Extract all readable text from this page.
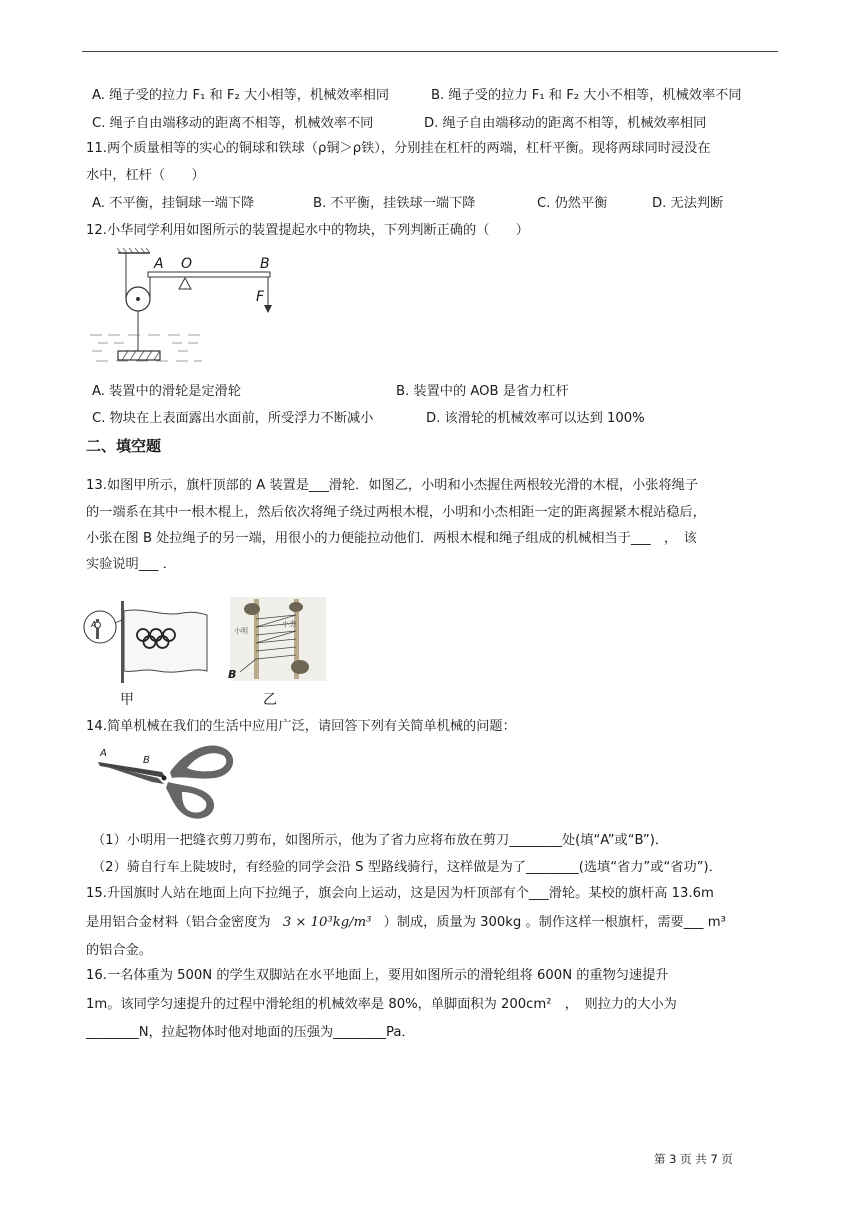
A. 绳子受的拉力 F₁ 和 F₂ 大小相等，机械效率相同	B. 绳子受的拉力 F₁ 和 F₂ 大小不相等，机械效率不同
C. 绳子自由端移动的距离不相等，机械效率不同	D. 绳子自由端移动的距离不相等，机械效率相同
11.两个质量相等的实心的铜球和铁球（ρ铜＞ρ铁），分别挂在杠杆的两端，杠杆平衡。现将两球同时浸没在
水中，杠杆（　　）
A. 不平衡，挂铜球一端下降	B. 不平衡，挂铁球一端下降	C. 仍然平衡	D. 无法判断
12.小华同学利用如图所示的装置提起水中的物块，下列判断正确的（　　）
A O	B
F
A. 装置中的滑轮是定滑轮	B. 装置中的 AOB 是省力杠杆
C. 物块在上表面露出水面前，所受浮力不断减小	D. 该滑轮的机械效率可以达到 100%
二、填空题
13.如图甲所示，旗杆顶部的 A 装置是___滑轮．如图乙，小明和小杰握住两根较光滑的木棍，小张将绳子
的一端系在其中一根木棍上，然后依次将绳子绕过两根木棍，小明和小杰相距一定的距离握紧木棍站稳后，
小张在图 B 处拉绳子的另一端，用很小的力便能拉动他们．两根木棍和绳子组成的机械相当于___　，　该
实验说明___ ．
A
甲
小明
小杰
B
乙
14.简单机械在我们的生活中应用广泛，请回答下列有关简单机械的问题：
A
B
（1）小明用一把缝衣剪刀剪布，如图所示，他为了省力应将布放在剪刀________处(填“A”或“B”)．
（2）骑自行车上陡坡时，有经验的同学会沿 S 型路线骑行，这样做是为了________(选填“省力”或“省功”)．
15.升国旗时人站在地面上向下拉绳子，旗会向上运动，这是因为杆顶部有个___滑轮。某校的旗杆高 13.6m
是用铝合金材料（铝合金密度为 3 × 10³kg/m³ ）制成，质量为 300kg 。制作这样一根旗杆，需要___ m³
的铝合金。
16.一名体重为 500N 的学生双脚站在水平地面上，要用如图所示的滑轮组将 600N 的重物匀速提升
1m。该同学匀速提升的过程中滑轮组的机械效率是 80%，单脚面积为 200cm²　，　则拉力的大小为
________N，拉起物体时他对地面的压强为________Pa．
第 3 页 共 7 页
